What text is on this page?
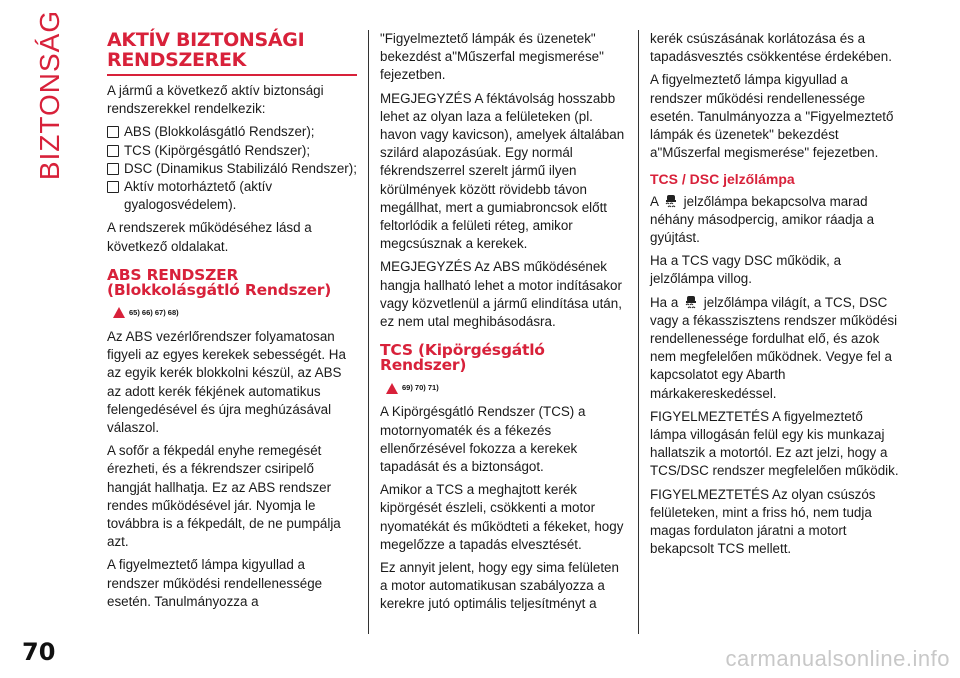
BIZTONSÁG AKTÍV BIZTONSÁGI RENDSZEREK

A jármű a következő aktív biztonsági rendszerekkel rendelkezik:

ABS (Blokkolásgátló Rendszer);
TCS (Kipörgésgátló Rendszer);
DSC (Dinamikus Stabilizáló Rendszer);
Aktív motorháztető (aktív gyalogosvédelem).

A rendszerek működéséhez lásd a következő oldalakat.

ABS RENDSZER (Blokkolásgátló Rendszer)
65) 66) 67) 68)

Az ABS vezérlőrendszer folyamatosan figyeli az egyes kerekek sebességét. Ha az egyik kerék blokkolni készül, az ABS az adott kerék fékjének automatikus felengedésével és újra meghúzásával válaszol.

A sofőr a fékpedál enyhe remegését érezheti, és a fékrendszer csiripelő hangját hallhatja. Ez az ABS rendszer rendes működésével jár. Nyomja le továbbra is a fékpedált, de ne pumpálja azt.

A figyelmeztető lámpa kigyullad a rendszer működési rendellenessége esetén. Tanulmányozza a

"Figyelmeztető lámpák és üzenetek" bekezdést a"Műszerfal megismerése" fejezetben.

MEGJEGYZÉS A féktávolság hosszabb lehet az olyan laza a felületeken (pl. havon vagy kavicson), amelyek általában szilárd alapozásúak. Egy normál fékrendszerrel szerelt jármű ilyen körülmények között rövidebb távon megállhat, mert a gumiabroncsok előtt feltorlódik a felületi réteg, amikor megcsúsznak a kerekek.

MEGJEGYZÉS Az ABS működésének hangja hallható lehet a motor indításakor vagy közvetlenül a jármű elindítása után, ez nem utal meghibásodásra.

TCS (Kipörgésgátló Rendszer)
69) 70) 71)

A Kipörgésgátló Rendszer (TCS) a motornyomaték és a fékezés ellenőrzésével fokozza a kerekek tapadását és a biztonságot.

Amikor a TCS a meghajtott kerék kipörgését észleli, csökkenti a motor nyomatékát és működteti a fékeket, hogy megelőzze a tapadás elvesztését.

Ez annyit jelent, hogy egy sima felületen a motor automatikusan szabályozza a kerekre jutó optimális teljesítményt a

kerék csúszásának korlátozása és a tapadásvesztés csökkentése érdekében.

A figyelmeztető lámpa kigyullad a rendszer működési rendellenessége esetén. Tanulmányozza a "Figyelmeztető lámpák és üzenetek" bekezdést a"Műszerfal megismerése" fejezetben.

TCS / DSC jelzőlámpa

A jelzőlámpa bekapcsolva marad néhány másodpercig, amikor ráadja a gyújtást.

Ha a TCS vagy DSC működik, a jelzőlámpa villog.

Ha a jelzőlámpa világít, a TCS, DSC vagy a fékasszisztens rendszer működési rendellenessége fordulhat elő, és azok nem megfelelően működnek. Vegye fel a kapcsolatot egy Abarth márkakereskedéssel.

FIGYELMEZTETÉS A figyelmeztető lámpa villogásán felül egy kis munkazaj hallatszik a motortól. Ez azt jelzi, hogy a TCS/DSC rendszer megfelelően működik.

FIGYELMEZTETÉS Az olyan csúszós felületeken, mint a friss hó, nem tudja magas fordulaton járatni a motort bekapcsolt TCS mellett.

70	carmanualsonline.info
